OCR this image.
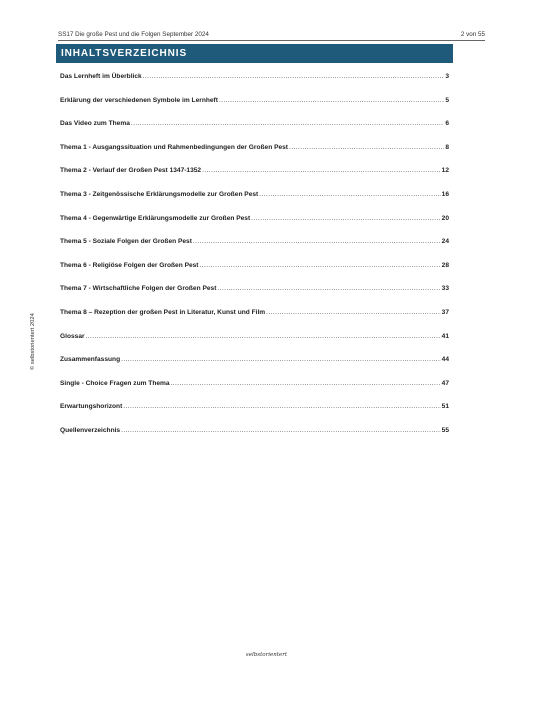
SS17 Die große Pest und die Folgen September 2024	2 von 55
INHALTSVERZEICHNIS
Das Lernheft im Überblick .....	3
Erklärung der verschiedenen Symbole im Lernheft .....	5
Das Video zum Thema .....	6
Thema 1 - Ausgangssituation und Rahmenbedingungen der Großen Pest .....	8
Thema 2 - Verlauf der Großen Pest 1347-1352 .....	12
Thema 3 - Zeitgenössische Erklärungsmodelle zur Großen Pest .....	16
Thema 4 - Gegenwärtige Erklärungsmodelle zur Großen Pest .....	20
Thema 5 - Soziale Folgen der Großen Pest .....	24
Thema 6 - Religiöse Folgen der Großen Pest .....	28
Thema 7 - Wirtschaftliche Folgen der Großen Pest .....	33
Thema 8 – Rezeption der großen Pest in Literatur, Kunst und Film .....	37
Glossar .....	41
Zusammenfassung .....	44
Single - Choice Fragen zum Thema .....	47
Erwartungshorizont .....	51
Quellenverzeichnis .....	55
© selbstorientert 2024
selbstorientert
